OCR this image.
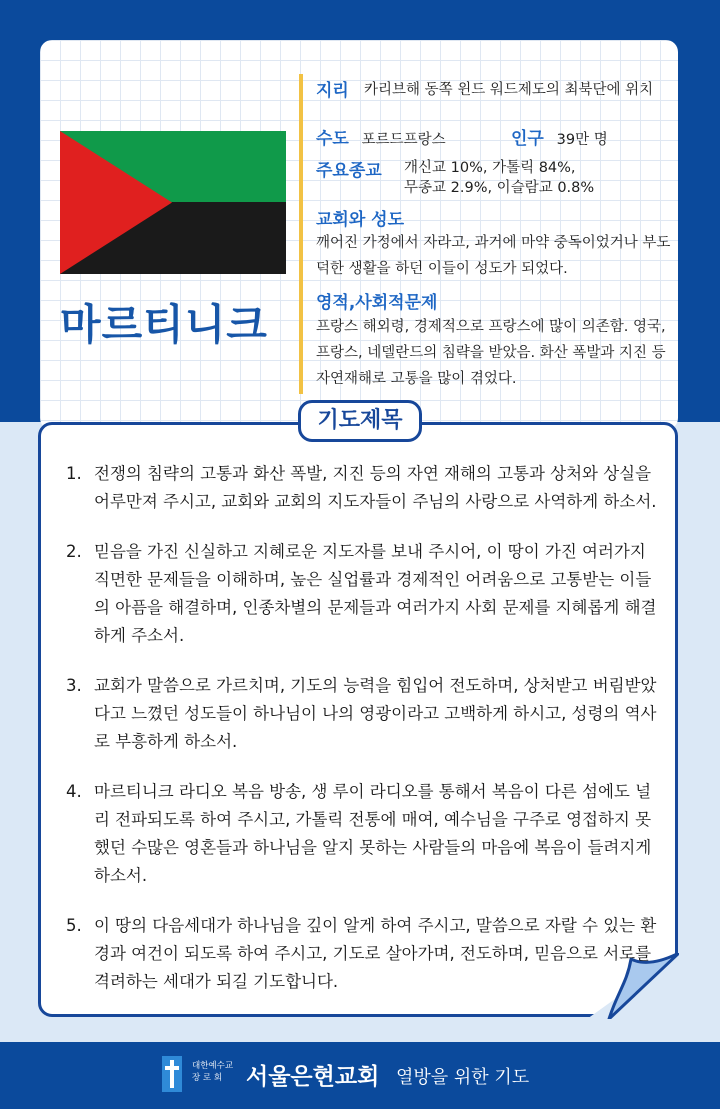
마르티니크
지리 카리브해 동쪽 윈드 워드제도의 최북단에 위치
수도 포르드프랑스	인구 39만 명
주요종교 개신교 10%, 가톨릭 84%,
무종교 2.9%, 이슬람교 0.8%
교회와 성도
깨어진 가정에서 자라고, 과거에 마약 중독이었거나 부도덕한 생활을 하던 이들이 성도가 되었다.
영적,사회적문제
프랑스 해외령, 경제적으로 프랑스에 많이 의존함. 영국, 프랑스, 네델란드의 침략을 받았음. 화산 폭발과 지진 등 자연재해로 고통을 많이 겪었다.
기도제목
1. 전쟁의 침략의 고통과 화산 폭발, 지진 등의 자연 재해의 고통과 상처와 상실을 어루만져 주시고, 교회와 교회의 지도자들이 주님의 사랑으로 사역하게 하소서.
2. 믿음을 가진 신실하고 지혜로운 지도자를 보내 주시어, 이 땅이 가진 여러가지 직면한 문제들을 이해하며, 높은 실업률과 경제적인 어려움으로 고통받는 이들의 아픔을 해결하며, 인종차별의 문제들과 여러가지 사회 문제를 지혜롭게 해결하게 주소서.
3. 교회가 말씀으로 가르치며, 기도의 능력을 힘입어 전도하며, 상처받고 버림받았다고 느꼈던 성도들이 하나님이 나의 영광이라고 고백하게 하시고, 성령의 역사로 부흥하게 하소서.
4. 마르티니크 라디오 복음 방송, 생 루이 라디오를 통해서 복음이 다른 섬에도 널리 전파되도록 하여 주시고, 가톨릭 전통에 매여, 예수님을 구주로 영접하지 못했던 수많은 영혼들과 하나님을 알지 못하는 사람들의 마음에 복음이 들려지게 하소서.
5. 이 땅의 다음세대가 하나님을 깊이 알게 하여 주시고, 말씀으로 자랄 수 있는 환경과 여건이 되도록 하여 주시고, 기도로 살아가며, 전도하며, 믿음으로 서로를 격려하는 세대가 되길 기도합니다.
대한예수교
장 로 회	서울은현교회 열방을 위한 기도
